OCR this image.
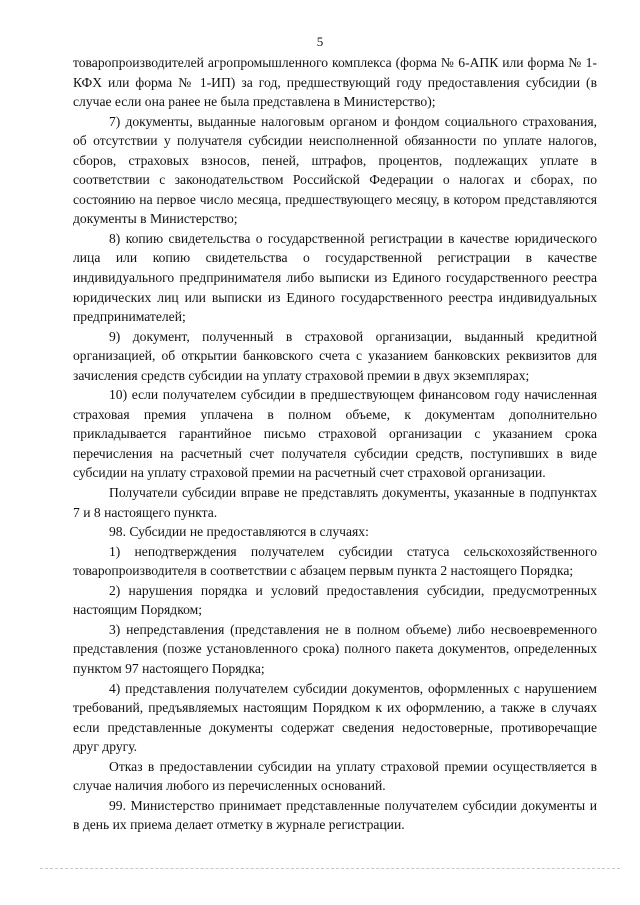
5

товаропроизводителей агропромышленного комплекса (форма № 6-АПК или форма № 1-КФХ или форма № 1-ИП) за год, предшествующий году предоставления субсидии (в случае если она ранее не была представлена в Министерство);

7) документы, выданные налоговым органом и фондом социального страхования, об отсутствии у получателя субсидии неисполненной обязанности по уплате налогов, сборов, страховых взносов, пеней, штрафов, процентов, подлежащих уплате в соответствии с законодательством Российской Федерации о налогах и сборах, по состоянию на первое число месяца, предшествующего месяцу, в котором представляются документы в Министерство;

8) копию свидетельства о государственной регистрации в качестве юридического лица или копию свидетельства о государственной регистрации в качестве индивидуального предпринимателя либо выписки из Единого государственного реестра юридических лиц или выписки из Единого государственного реестра индивидуальных предпринимателей;

9) документ, полученный в страховой организации, выданный кредитной организацией, об открытии банковского счета с указанием банковских реквизитов для зачисления средств субсидии на уплату страховой премии в двух экземплярах;

10) если получателем субсидии в предшествующем финансовом году начисленная страховая премия уплачена в полном объеме, к документам дополнительно прикладывается гарантийное письмо страховой организации с указанием срока перечисления на расчетный счет получателя субсидии средств, поступивших в виде субсидии на уплату страховой премии на расчетный счет страховой организации.

Получатели субсидии вправе не представлять документы, указанные в подпунктах 7 и 8 настоящего пункта.

98. Субсидии не предоставляются в случаях:

1) неподтверждения получателем субсидии статуса сельскохозяйственного товаропроизводителя в соответствии с абзацем первым пункта 2 настоящего Порядка;

2) нарушения порядка и условий предоставления субсидии, предусмотренных настоящим Порядком;

3) непредставления (представления не в полном объеме) либо несвоевременного представления (позже установленного срока) полного пакета документов, определенных пунктом 97 настоящего Порядка;

4) представления получателем субсидии документов, оформленных с нарушением требований, предъявляемых настоящим Порядком к их оформлению, а также в случаях если представленные документы содержат сведения недостоверные, противоречащие друг другу.

Отказ в предоставлении субсидии на уплату страховой премии осуществляется в случае наличия любого из перечисленных оснований.

99. Министерство принимает представленные получателем субсидии документы и в день их приема делает отметку в журнале регистрации.
